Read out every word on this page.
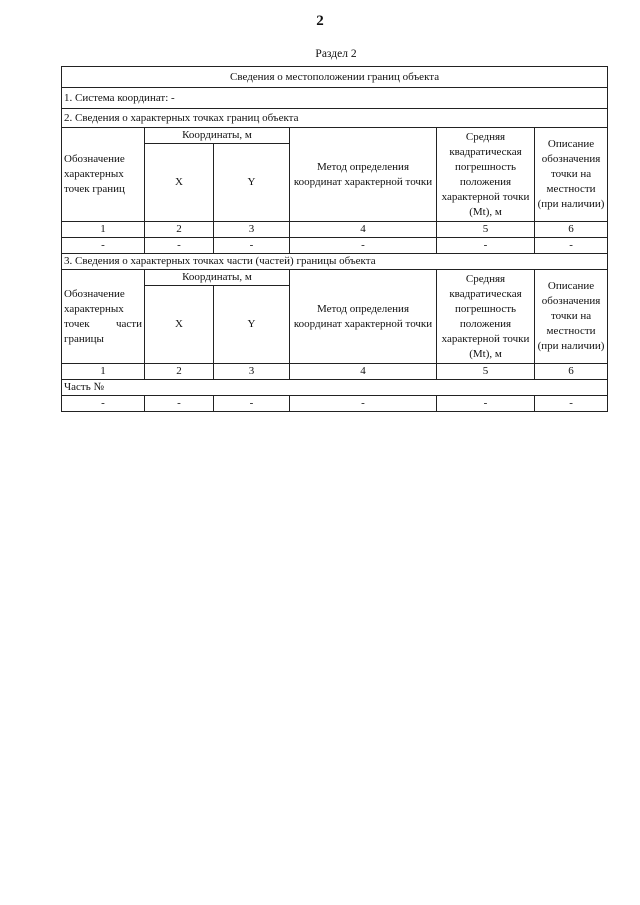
2
Раздел 2
Сведения о местоположении границ объекта					
1. Система координат: -					
2. Сведения о характерных точках границ объекта					
Обозначение характерных точек границ	Координаты, м		Метод определения координат характерной точки	Средняя квадратическая погрешность положения характерной точки (Mt), м	Описание обозначения точки на местности (при наличии)
	X	Y			
1	2	3	4	5	6
-	-	-	-	-	-
3. Сведения о характерных точках части (частей) границы объекта					
Обозначение характерных точек части границы	Координаты, м		Метод определения координат характерной точки	Средняя квадратическая погрешность положения характерной точки (Mt), м	Описание обозначения точки на местности (при наличии)
	X	Y			
1	2	3	4	5	6
Часть №					
-	-	-	-	-	-
